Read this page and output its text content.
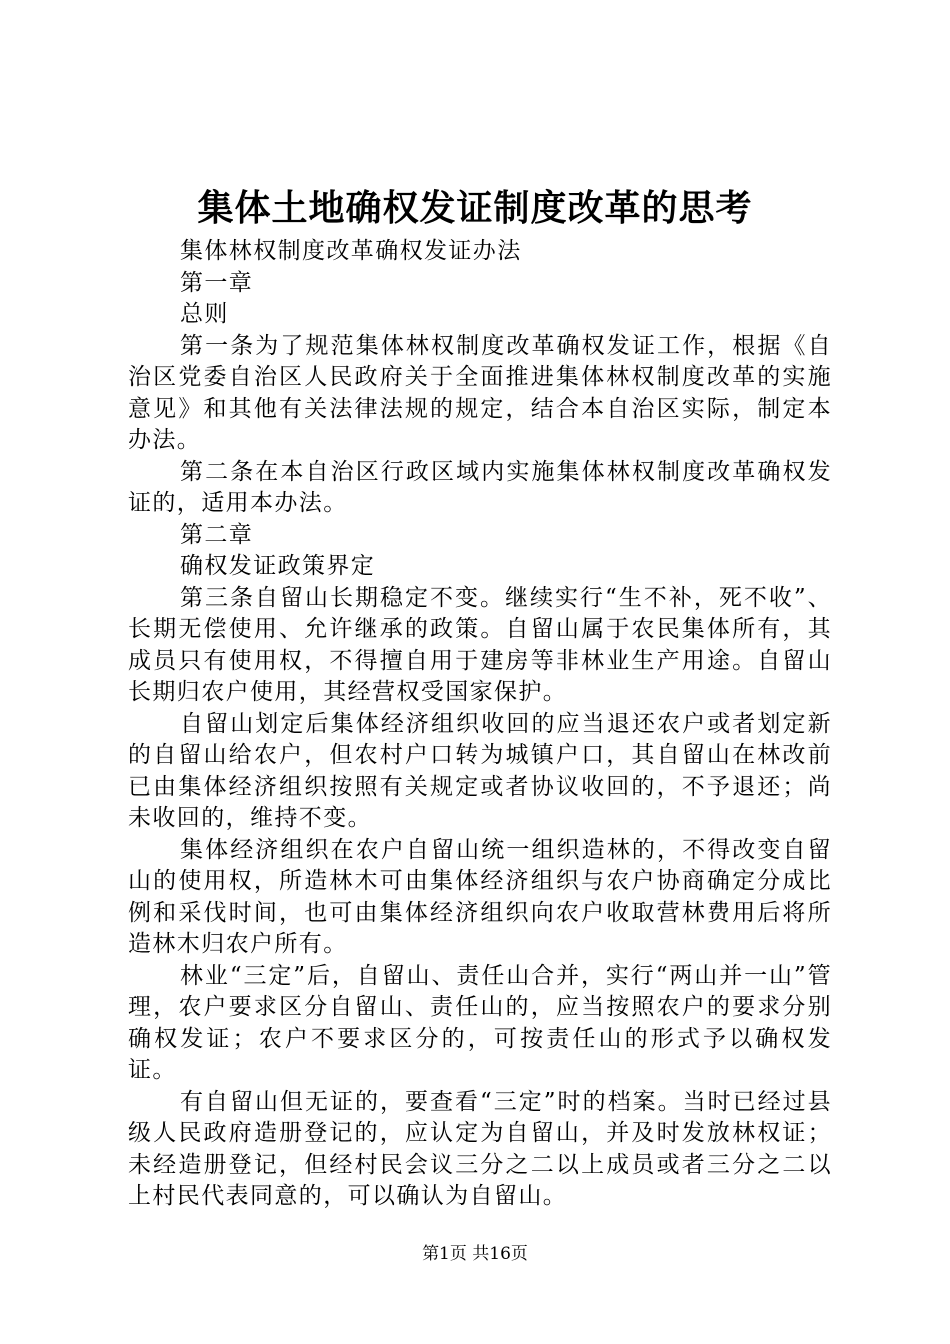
集体土地确权发证制度改革的思考

集体林权制度改革确权发证办法

第一章

总则

第一条为了规范集体林权制度改革确权发证工作，根据《自治区党委自治区人民政府关于全面推进集体林权制度改革的实施意见》和其他有关法律法规的规定，结合本自治区实际，制定本办法。

第二条在本自治区行政区域内实施集体林权制度改革确权发证的，适用本办法。

第二章

确权发证政策界定

第三条自留山长期稳定不变。继续实行“生不补，死不收”、长期无偿使用、允许继承的政策。自留山属于农民集体所有，其成员只有使用权，不得擅自用于建房等非林业生产用途。自留山长期归农户使用，其经营权受国家保护。

自留山划定后集体经济组织收回的应当退还农户或者划定新的自留山给农户，但农村户口转为城镇户口，其自留山在林改前已由集体经济组织按照有关规定或者协议收回的，不予退还；尚未收回的，维持不变。

集体经济组织在农户自留山统一组织造林的，不得改变自留山的使用权，所造林木可由集体经济组织与农户协商确定分成比例和采伐时间，也可由集体经济组织向农户收取营林费用后将所造林木归农户所有。

林业“三定”后，自留山、责任山合并，实行“两山并一山”管理，农户要求区分自留山、责任山的，应当按照农户的要求分别确权发证；农户不要求区分的，可按责任山的形式予以确权发证。

有自留山但无证的，要查看“三定”时的档案。当时已经过县级人民政府造册登记的，应认定为自留山，并及时发放林权证；未经造册登记，但经村民会议三分之二以上成员或者三分之二以上村民代表同意的，可以确认为自留山。

第1页 共16页
